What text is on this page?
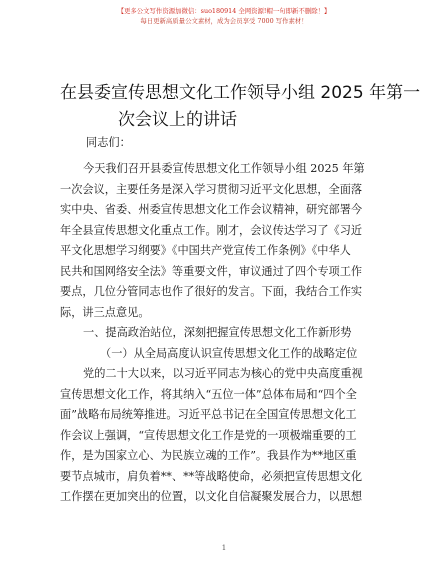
【更多公文写作资源加微信：suo180914 全网资源!帽一句即新不删除！】
每日更新高质量公文素材，成为会员享受 7000 写作素材！
在县委宣传思想文化工作领导小组 2025 年第一
次会议上的讲话
同志们：
今天我们召开县委宣传思想文化工作领导小组 2025 年第
一次会议，主要任务是深入学习贯彻习近平文化思想，全面落
实中央、省委、州委宣传思想文化工作会议精神，研究部署今
年全县宣传思想文化重点工作。刚才，会议传达学习了《习近
平文化思想学习纲要》《中国共产党宣传工作条例》《中华人
民共和国网络安全法》等重要文件，审议通过了四个专项工作
要点，几位分管同志也作了很好的发言。下面，我结合工作实
际，讲三点意见。
一、提高政治站位，深刻把握宣传思想文化工作新形势
（一）从全局高度认识宣传思想文化工作的战略定位
党的二十大以来，以习近平同志为核心的党中央高度重视
宣传思想文化工作，将其纳入“五位一体”总体布局和“四个全
面”战略布局统筹推进。习近平总书记在全国宣传思想文化工
作会议上强调，“宣传思想文化工作是党的一项极端重要的工
作，是为国家立心、为民族立魂的工作”。我县作为**地区重
要节点城市，肩负着**、**等战略使命，必须把宣传思想文化
工作摆在更加突出的位置，以文化自信凝聚发展合力，以思想
1
